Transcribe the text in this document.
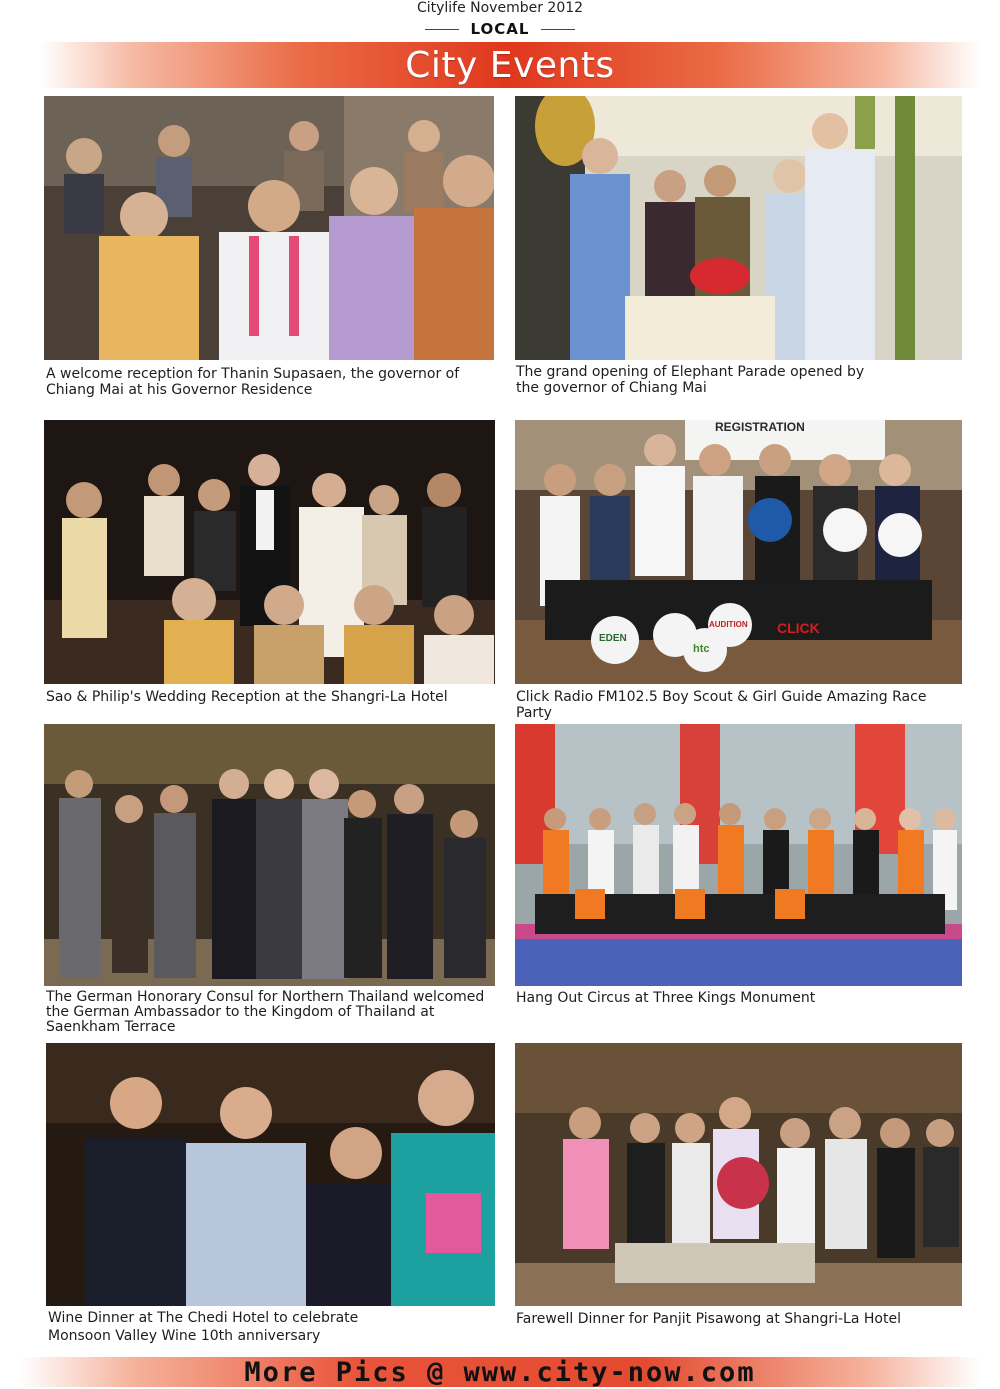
Citylife November 2012
LOCAL
City Events
A welcome reception for Thanin Supasaen, the governor of Chiang Mai at his Governor Residence
The grand opening of Elephant Parade opened by the governor of Chiang Mai
Sao & Philip's Wedding Reception at the Shangri-La Hotel
REGISTRATION
EDEN
htc
AUDITION CLICK
Click Radio FM102.5 Boy Scout & Girl Guide Amazing Race Party
The German Honorary Consul for Northern Thailand welcomed the German Ambassador to the Kingdom of Thailand at Saenkham Terrace
Hang Out Circus at Three Kings Monument
Wine Dinner at The Chedi Hotel to celebrate Monsoon Valley Wine 10th anniversary
Farewell Dinner for Panjit Pisawong at Shangri-La Hotel
More Pics @ www.city-now.com
